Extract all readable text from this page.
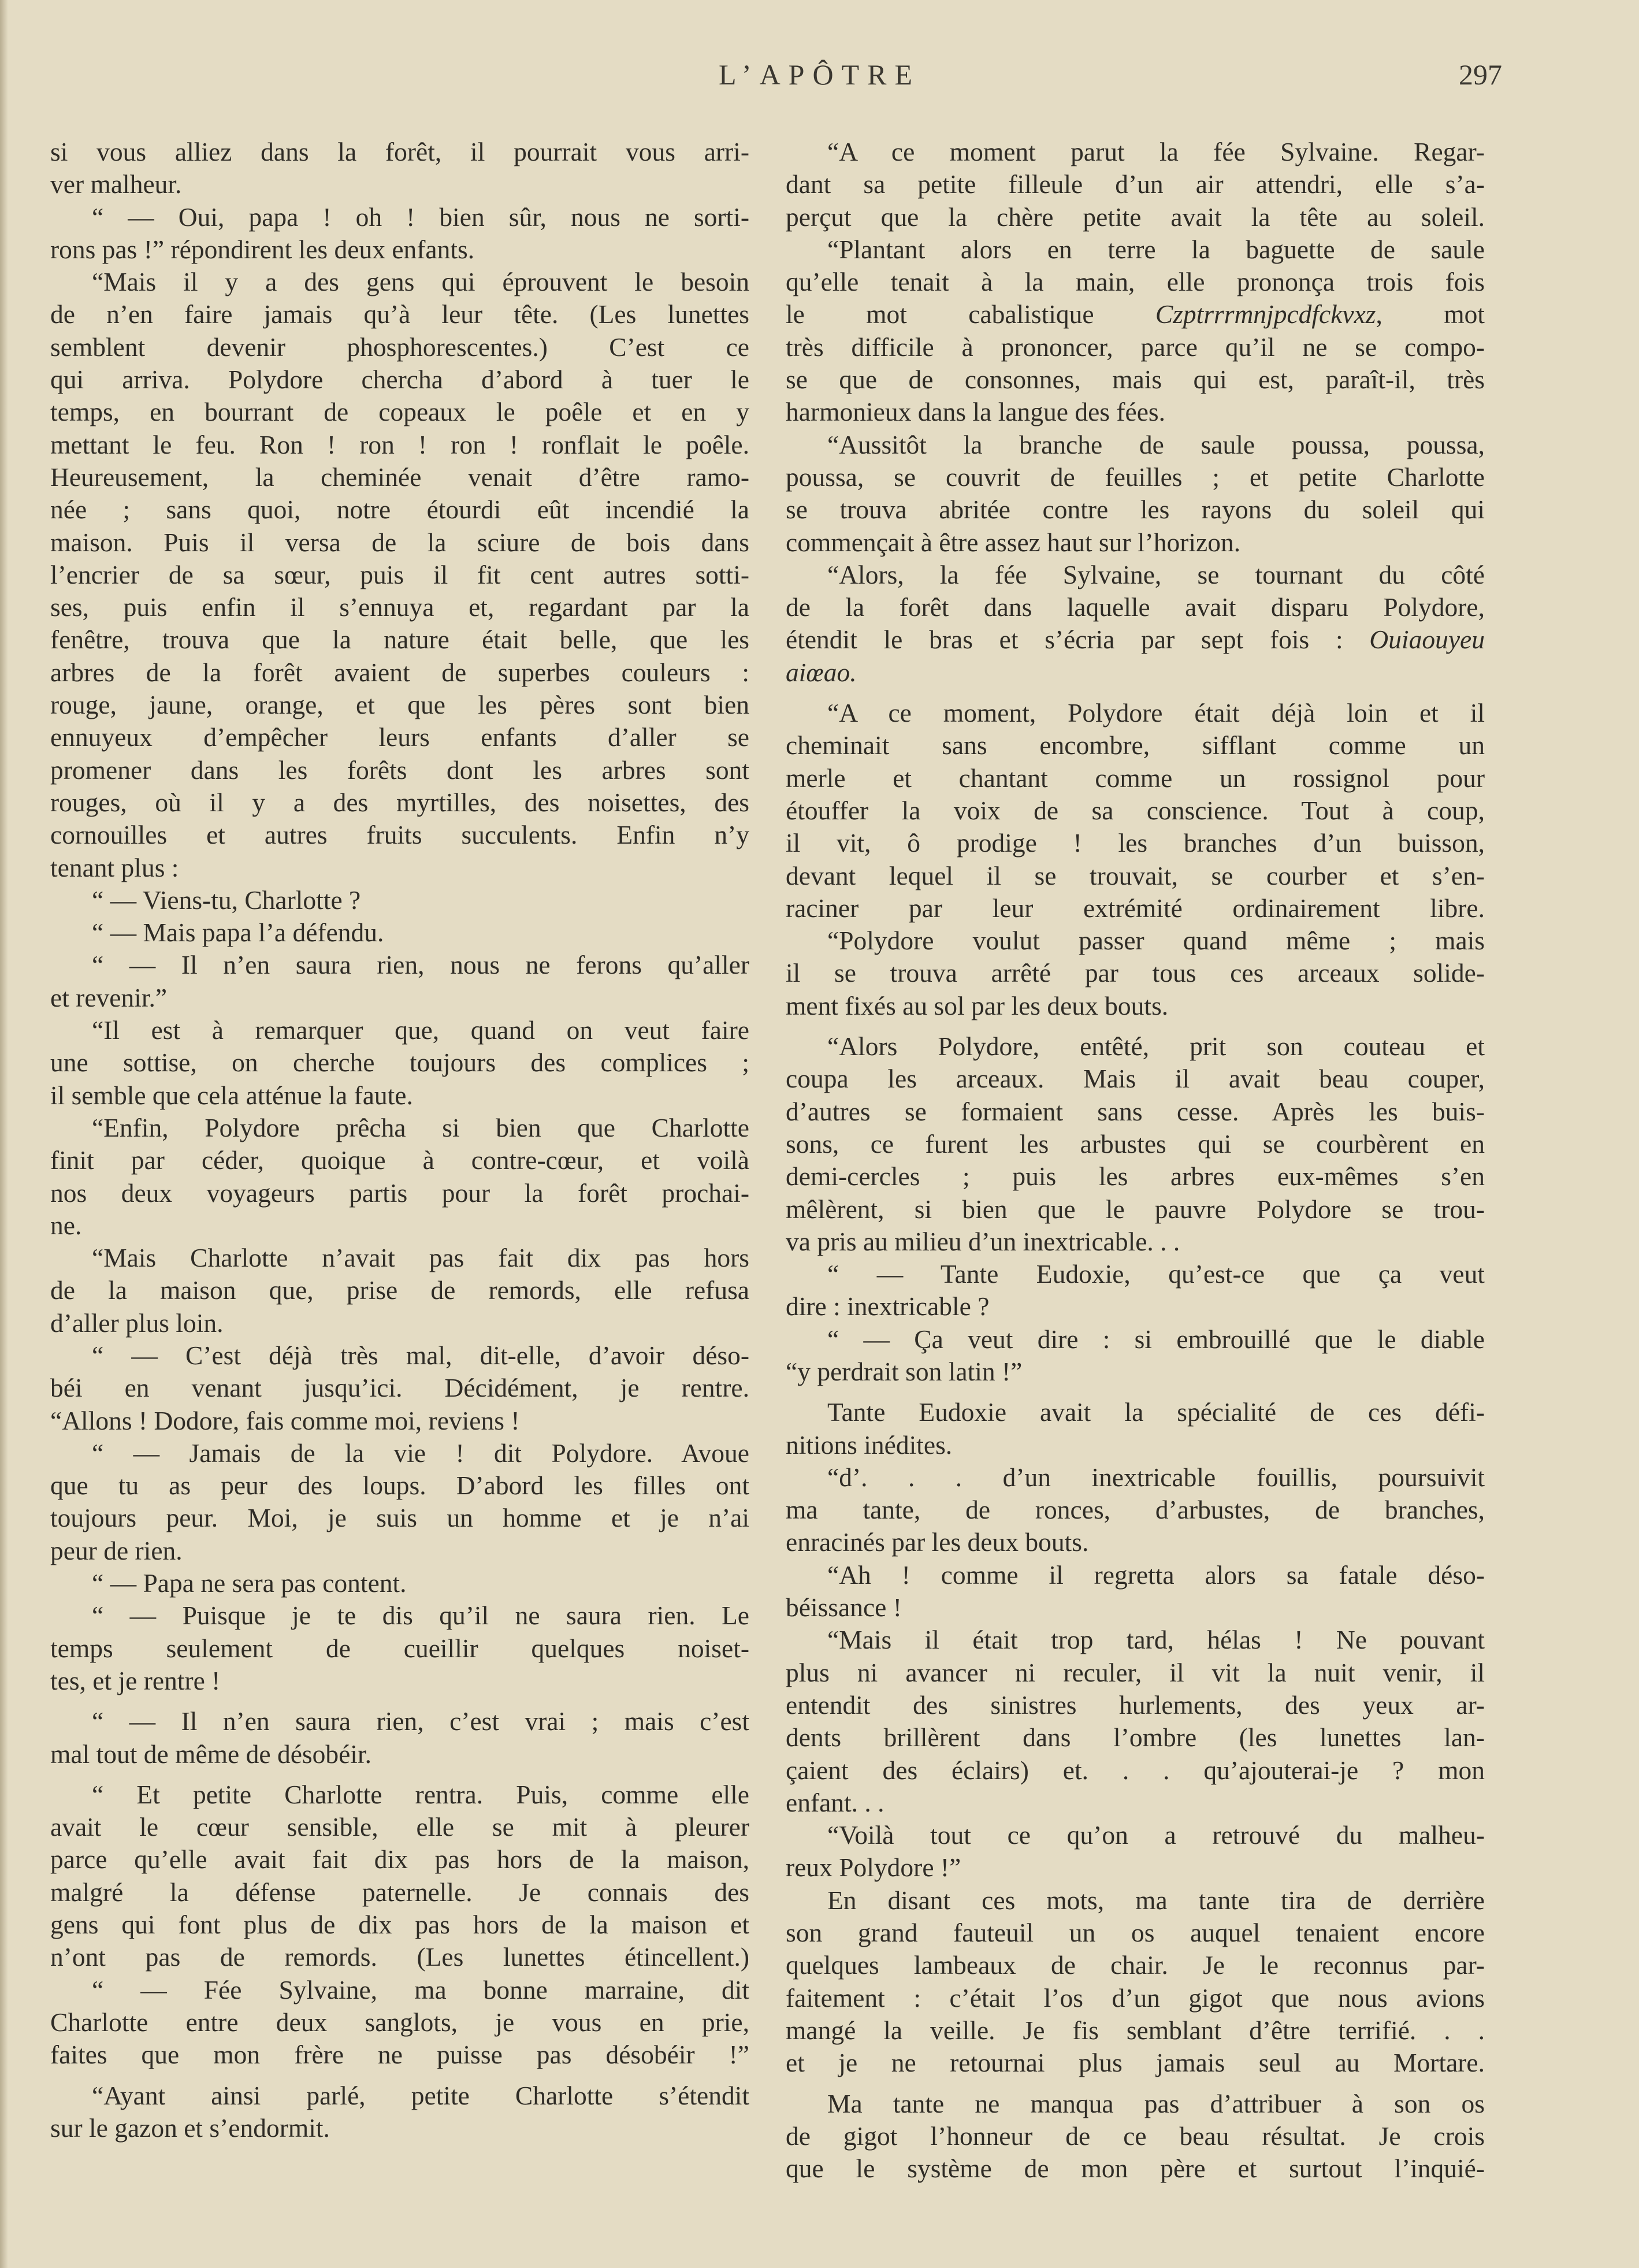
L’APÔTRE	297
si vous alliez dans la forêt, il pourrait vous arri-
ver malheur.
“ — Oui, papa ! oh ! bien sûr, nous ne sorti-
rons pas !” répondirent les deux enfants.
“Mais il y a des gens qui éprouvent le besoin
de n’en faire jamais qu’à leur tête. (Les lunettes
semblent devenir phosphorescentes.) C’est ce
qui arriva. Polydore chercha d’abord à tuer le
temps, en bourrant de copeaux le poêle et en y
mettant le feu. Ron ! ron ! ron ! ronflait le poêle.
Heureusement, la cheminée venait d’être ramo-
née ; sans quoi, notre étourdi eût incendié la
maison. Puis il versa de la sciure de bois dans
l’encrier de sa sœur, puis il fit cent autres sotti-
ses, puis enfin il s’ennuya et, regardant par la
fenêtre, trouva que la nature était belle, que les
arbres de la forêt avaient de superbes couleurs :
rouge, jaune, orange, et que les pères sont bien
ennuyeux d’empêcher leurs enfants d’aller se
promener dans les forêts dont les arbres sont
rouges, où il y a des myrtilles, des noisettes, des
cornouilles et autres fruits succulents. Enfin n’y
tenant plus :
“ — Viens-tu, Charlotte ?
“ — Mais papa l’a défendu.
“ — Il n’en saura rien, nous ne ferons qu’aller
et revenir.”
“Il est à remarquer que, quand on veut faire
une sottise, on cherche toujours des complices ;
il semble que cela atténue la faute.
“Enfin, Polydore prêcha si bien que Charlotte
finit par céder, quoique à contre-cœur, et voilà
nos deux voyageurs partis pour la forêt prochai-
ne.
“Mais Charlotte n’avait pas fait dix pas hors
de la maison que, prise de remords, elle refusa
d’aller plus loin.
“ — C’est déjà très mal, dit-elle, d’avoir déso-
béi en venant jusqu’ici. Décidément, je rentre.
“Allons ! Dodore, fais comme moi, reviens !
“ — Jamais de la vie ! dit Polydore. Avoue
que tu as peur des loups. D’abord les filles ont
toujours peur. Moi, je suis un homme et je n’ai
peur de rien.
“ — Papa ne sera pas content.
“ — Puisque je te dis qu’il ne saura rien. Le
temps seulement de cueillir quelques noiset-
tes, et je rentre !
“ — Il n’en saura rien, c’est vrai ; mais c’est
mal tout de même de désobéir.
“ Et petite Charlotte rentra. Puis, comme elle
avait le cœur sensible, elle se mit à pleurer
parce qu’elle avait fait dix pas hors de la maison,
malgré la défense paternelle. Je connais des
gens qui font plus de dix pas hors de la maison et
n’ont pas de remords. (Les lunettes étincellent.)
“ — Fée Sylvaine, ma bonne marraine, dit
Charlotte entre deux sanglots, je vous en prie,
faites que mon frère ne puisse pas désobéir !”
“Ayant ainsi parlé, petite Charlotte s’étendit
sur le gazon et s’endormit.
“A ce moment parut la fée Sylvaine. Regar-
dant sa petite filleule d’un air attendri, elle s’a-
perçut que la chère petite avait la tête au soleil.
“Plantant alors en terre la baguette de saule
qu’elle tenait à la main, elle prononça trois fois
le mot cabalistique Czptrrrmnjpcdfckvxz, mot
très difficile à prononcer, parce qu’il ne se compo-
se que de consonnes, mais qui est, paraît-il, très
harmonieux dans la langue des fées.
“Aussitôt la branche de saule poussa, poussa,
poussa, se couvrit de feuilles ; et petite Charlotte
se trouva abritée contre les rayons du soleil qui
commençait à être assez haut sur l’horizon.
“Alors, la fée Sylvaine, se tournant du côté
de la forêt dans laquelle avait disparu Polydore,
étendit le bras et s’écria par sept fois : Ouiaouyeu
aiœao.
“A ce moment, Polydore était déjà loin et il
cheminait sans encombre, sifflant comme un
merle et chantant comme un rossignol pour
étouffer la voix de sa conscience. Tout à coup,
il vit, ô prodige ! les branches d’un buisson,
devant lequel il se trouvait, se courber et s’en-
raciner par leur extrémité ordinairement libre.
“Polydore voulut passer quand même ; mais
il se trouva arrêté par tous ces arceaux solide-
ment fixés au sol par les deux bouts.
“Alors Polydore, entêté, prit son couteau et
coupa les arceaux. Mais il avait beau couper,
d’autres se formaient sans cesse. Après les buis-
sons, ce furent les arbustes qui se courbèrent en
demi-cercles ; puis les arbres eux-mêmes s’en
mêlèrent, si bien que le pauvre Polydore se trou-
va pris au milieu d’un inextricable. . .
“ — Tante Eudoxie, qu’est-ce que ça veut
dire : inextricable ?
“ — Ça veut dire : si embrouillé que le diable
“y perdrait son latin !”
Tante Eudoxie avait la spécialité de ces défi-
nitions inédites.
“d’. . . d’un inextricable fouillis, poursuivit
ma tante, de ronces, d’arbustes, de branches,
enracinés par les deux bouts.
“Ah ! comme il regretta alors sa fatale déso-
béissance !
“Mais il était trop tard, hélas ! Ne pouvant
plus ni avancer ni reculer, il vit la nuit venir, il
entendit des sinistres hurlements, des yeux ar-
dents brillèrent dans l’ombre (les lunettes lan-
çaient des éclairs) et. . . qu’ajouterai-je ? mon
enfant. . .
“Voilà tout ce qu’on a retrouvé du malheu-
reux Polydore !”
En disant ces mots, ma tante tira de derrière
son grand fauteuil un os auquel tenaient encore
quelques lambeaux de chair. Je le reconnus par-
faitement : c’était l’os d’un gigot que nous avions
mangé la veille. Je fis semblant d’être terrifié. . .
et je ne retournai plus jamais seul au Mortare.
Ma tante ne manqua pas d’attribuer à son os
de gigot l’honneur de ce beau résultat. Je crois
que le système de mon père et surtout l’inquié-
